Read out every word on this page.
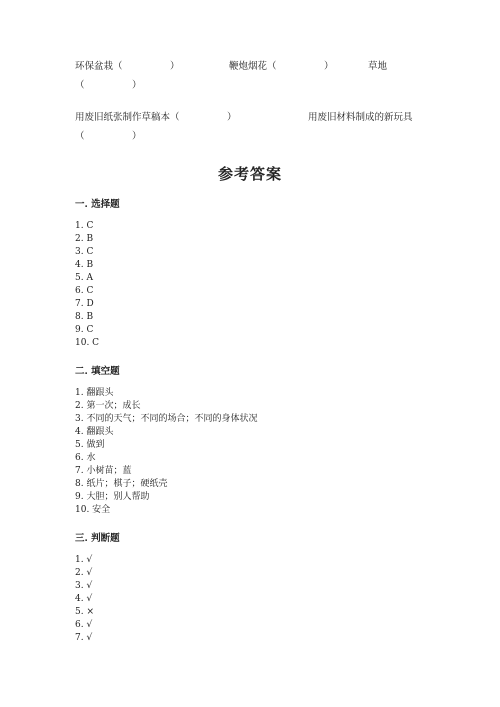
环保盆栽（　　　　　）	鞭炮烟花（　　　　　）	草地
（　　　　　）
用废旧纸张制作草稿本（　　　　　）	用废旧材料制成的新玩具
（　　　　　）
参考答案
一. 选择题
1. C
2. B
3. C
4. B
5. A
6. C
7. D
8. B
9. C
10. C
二. 填空题
1. 翻跟头
2. 第一次；成长
3. 不同的天气；不同的场合；不同的身体状况
4. 翻跟头
5. 做到
6. 水
7. 小树苗；蓝
8. 纸片；棋子；硬纸壳
9. 大胆；别人帮助
10. 安全
三. 判断题
1. √
2. √
3. √
4. √
5. ×
6. √
7. √
